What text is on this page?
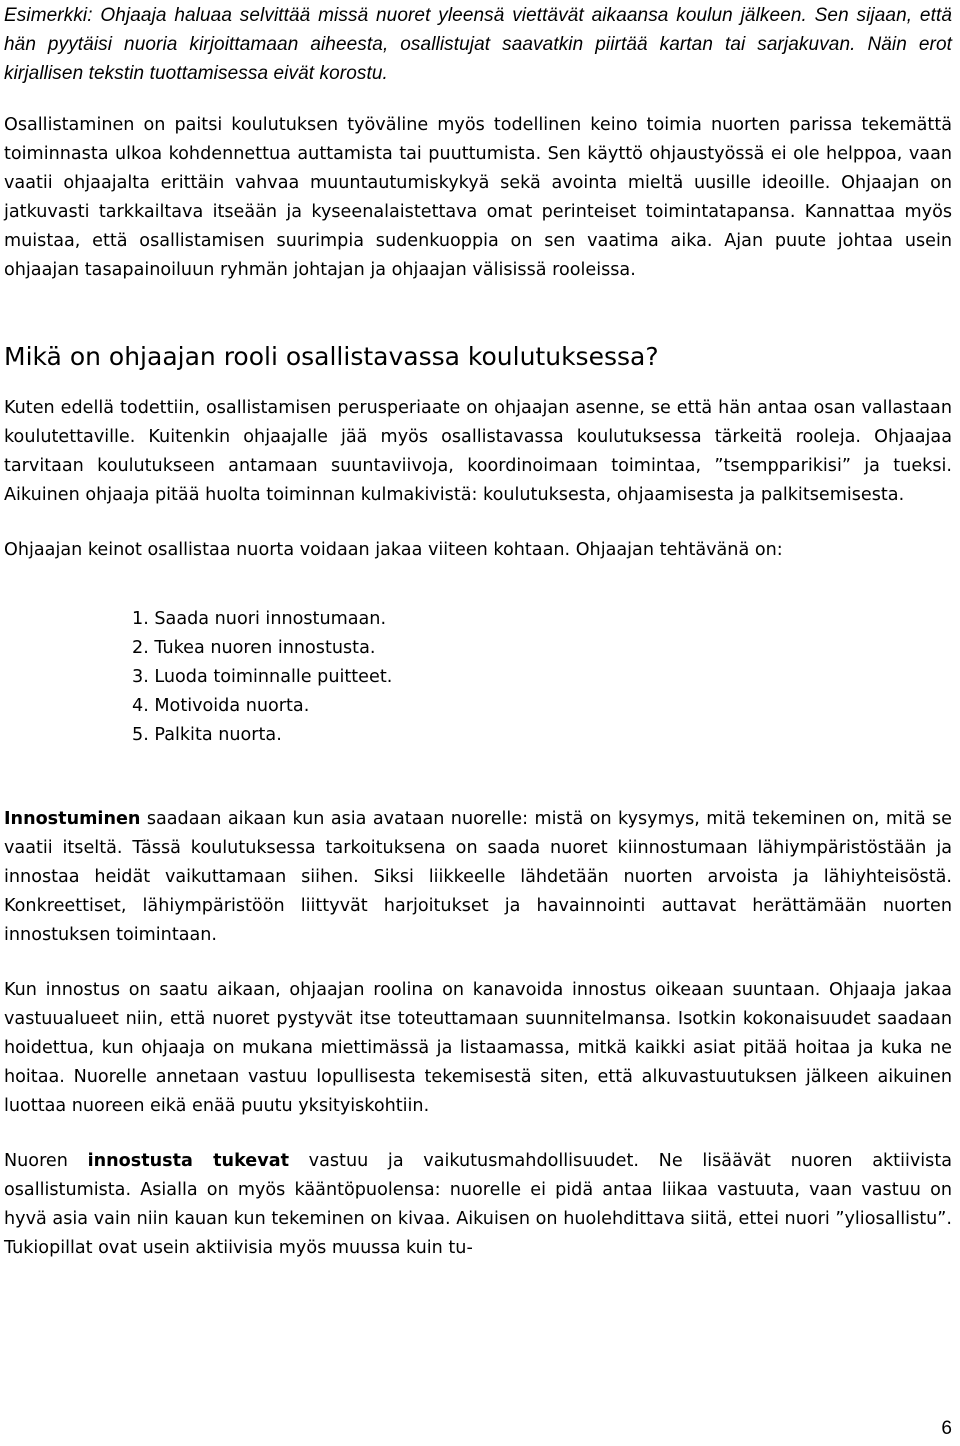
Esimerkki: Ohjaaja haluaa selvittää missä nuoret yleensä viettävät aikaansa koulun jälkeen. Sen sijaan, että hän pyytäisi nuoria kirjoittamaan aiheesta, osallistujat saavatkin piirtää kartan tai sarjakuvan. Näin erot kirjallisen tekstin tuottamisessa eivät korostu.

Osallistaminen on paitsi koulutuksen työväline myös todellinen keino toimia nuorten parissa tekemättä toiminnasta ulkoa kohdennettua auttamista tai puuttumista. Sen käyttö ohjaustyössä ei ole helppoa, vaan vaatii ohjaajalta erittäin vahvaa muuntautumiskykyä sekä avointa mieltä uusille ideoille. Ohjaajan on jatkuvasti tarkkailtava itseään ja kyseenalaistettava omat perinteiset toimintatapansa. Kannattaa myös muistaa, että osallistamisen suurimpia sudenkuoppia on sen vaatima aika. Ajan puute johtaa usein ohjaajan tasapainoiluun ryhmän johtajan ja ohjaajan välisissä rooleissa.

Mikä on ohjaajan rooli osallistavassa koulutuksessa?

Kuten edellä todettiin, osallistamisen perusperiaate on ohjaajan asenne, se että hän antaa osan vallastaan koulutettaville. Kuitenkin ohjaajalle jää myös osallistavassa koulutuksessa tärkeitä rooleja. Ohjaajaa tarvitaan koulutukseen antamaan suuntaviivoja, koordinoimaan toimintaa, ”tsempparikisi” ja tueksi. Aikuinen ohjaaja pitää huolta toiminnan kulmakivistä: koulutuksesta, ohjaamisesta ja palkitsemisesta.

Ohjaajan keinot osallistaa nuorta voidaan jakaa viiteen kohtaan. Ohjaajan tehtävänä on:

1. Saada nuori innostumaan.
2. Tukea nuoren innostusta.
3. Luoda toiminnalle puitteet.
4. Motivoida nuorta.
5. Palkita nuorta.

Innostuminen saadaan aikaan kun asia avataan nuorelle: mistä on kysymys, mitä tekeminen on, mitä se vaatii itseltä. Tässä koulutuksessa tarkoituksena on saada nuoret kiinnostumaan lähiympäristöstään ja innostaa heidät vaikuttamaan siihen. Siksi liikkeelle lähdetään nuorten arvoista ja lähiyhteisöstä. Konkreettiset, lähiympäristöön liittyvät harjoitukset ja havainnointi auttavat herättämään nuorten innostuksen toimintaan.

Kun innostus on saatu aikaan, ohjaajan roolina on kanavoida innostus oikeaan suuntaan. Ohjaaja jakaa vastuualueet niin, että nuoret pystyvät itse toteuttamaan suunnitelmansa. Isotkin kokonaisuudet saadaan hoidettua, kun ohjaaja on mukana miettimässä ja listaamassa, mitkä kaikki asiat pitää hoitaa ja kuka ne hoitaa. Nuorelle annetaan vastuu lopullisesta tekemisestä siten, että alkuvastuutuksen jälkeen aikuinen luottaa nuoreen eikä enää puutu yksityiskohtiin.

Nuoren innostusta tukevat vastuu ja vaikutusmahdollisuudet. Ne lisäävät nuoren aktiivista osallistumista. Asialla on myös kääntöpuolensa: nuorelle ei pidä antaa liikaa vastuuta, vaan vastuu on hyvä asia vain niin kauan kun tekeminen on kivaa. Aikuisen on huolehdittava siitä, ettei nuori ”yliosallistu”. Tukiopillat ovat usein aktiivisia myös muussa kuin tu-

6
